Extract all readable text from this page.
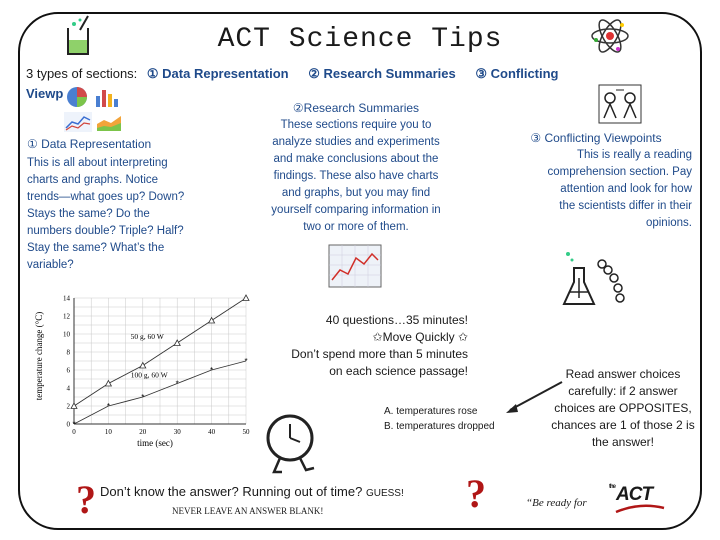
ACT Science Tips
3 types of sections: ① Data Representation ② Research Summaries ③ Conflicting
Viewp
① Data Representation
This is all about interpreting
charts and graphs. Notice
trends—what goes up? Down?
Stays the same? Do the
numbers double? Triple? Half?
Stay the same? What’s the
variable?
②Research Summaries
These sections require you to
analyze studies and experiments
and make conclusions about the
findings. These also have charts
and graphs, but you may find
yourself comparing information in
two or more of them.
③ Conflicting Viewpoints
This is really a reading
comprehension section. Pay
attention and look for how
the scientists differ in their
opinions.
0	10	20	30	40	50
0
2
4
6
8
10
12
14
50 g, 60 W
*
*
*
*
*
*
100 g, 60 W
time (sec)
temperature change (°C)	40 questions…35 minutes!
✩Move Quickly ✩
Don’t spend more than 5 minutes
on each science passage!
A. temperatures rose
B. temperatures dropped
Read answer choices
carefully: if 2 answer
choices are OPPOSITES,
chances are 1 of those 2 is
the answer!
?	?
Don’t know the answer? Running out of time? GUESS!
NEVER LEAVE AN ANSWER BLANK!
“Be ready for
$^{the}$ACT
